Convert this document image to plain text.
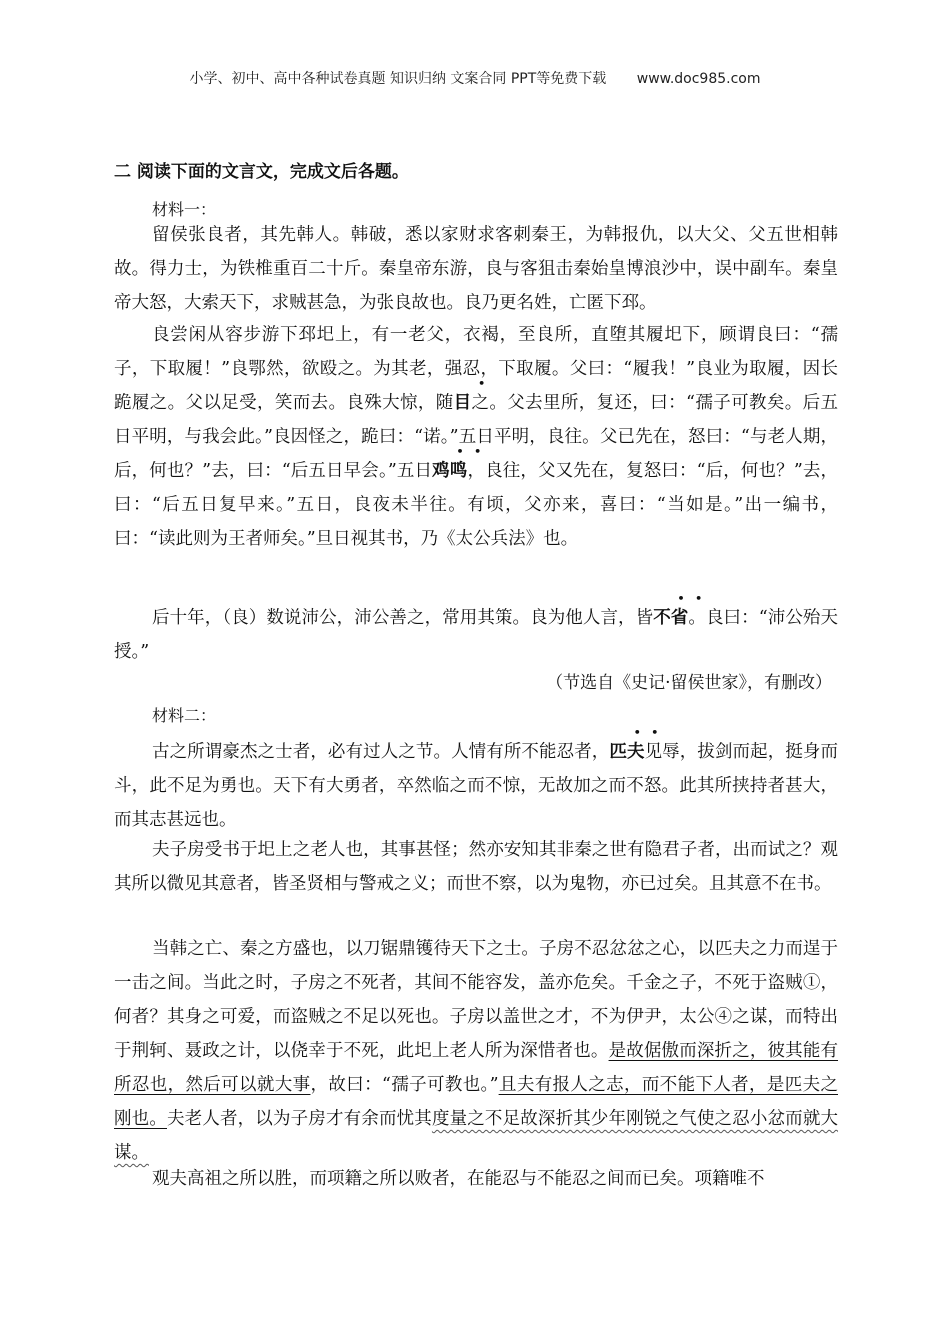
小学、初中、高中各种试卷真题 知识归纳 文案合同 PPT等免费下载 www.doc985.com
二 阅读下面的文言文，完成文后各题。
材料一：

留侯张良者，其先韩人。韩破，悉以家财求客刺秦王，为韩报仇，以大父、父五世相韩故。得力士，为铁椎重百二十斤。秦皇帝东游，良与客狙击秦始皇博浪沙中，误中副车。秦皇帝大怒，大索天下，求贼甚急，为张良故也。良乃更名姓，亡匿下邳。

良尝闲从容步游下邳圯上，有一老父，衣褐，至良所，直堕其履圯下，顾谓良曰：“孺子，下取履！”良鄂然，欲殴之。为其老，强忍，下取履。父曰：“履我！”良业为取履，因长跪履之。父以足受，笑而去。良殊大惊，随目之。父去里所，复还，曰：“孺子可教矣。后五日平明，与我会此。”良因怪之，跪曰：“诺。”五日平明，良往。父已先在，怒曰：“与老人期，后，何也？”去，曰：“后五日早会。”五日鸡鸣，良往，父又先在，复怒曰：“后，何也？”去，曰：“后五日复早来。”五日，良夜未半往。有顷，父亦来，喜曰：“当如是。”出一编书，曰：“读此则为王者师矣。”旦日视其书，乃《太公兵法》也。

后十年，（良）数说沛公，沛公善之，常用其策。良为他人言，皆不省。良曰：“沛公殆天授。”

（节选自《史记·留侯世家》，有删改）
材料二：

古之所谓豪杰之士者，必有过人之节。人情有所不能忍者，匹夫见辱，拔剑而起，挺身而斗，此不足为勇也。天下有大勇者，卒然临之而不惊，无故加之而不怒。此其所挟持者甚大，而其志甚远也。

夫子房受书于圯上之老人也，其事甚怪；然亦安知其非秦之世有隐君子者，出而试之？观其所以微见其意者，皆圣贤相与警戒之义；而世不察，以为鬼物，亦已过矣。且其意不在书。

当韩之亡、秦之方盛也，以刀锯鼎镬待天下之士。子房不忍忿忿之心，以匹夫之力而逞于一击之间。当此之时，子房之不死者，其间不能容发，盖亦危矣。千金之子，不死于盗贼①，何者？其身之可爱，而盗贼之不足以死也。子房以盖世之才，不为伊尹，太公④之谋，而特出于荆轲、聂政之计，以侥幸于不死，此圯上老人所为深惜者也。是故倨傲而深折之，彼其能有所忍也，然后可以就大事，故曰：“孺子可教也。”且夫有报人之志，而不能下人者，是匹夫之刚也。夫老人者，以为子房才有余而忧其度量之不足故深折其少年刚锐之气使之忍小忿而就大谋。

观夫高祖之所以胜，而项籍之所以败者，在能忍与不能忍之间而已矣。项籍唯不
